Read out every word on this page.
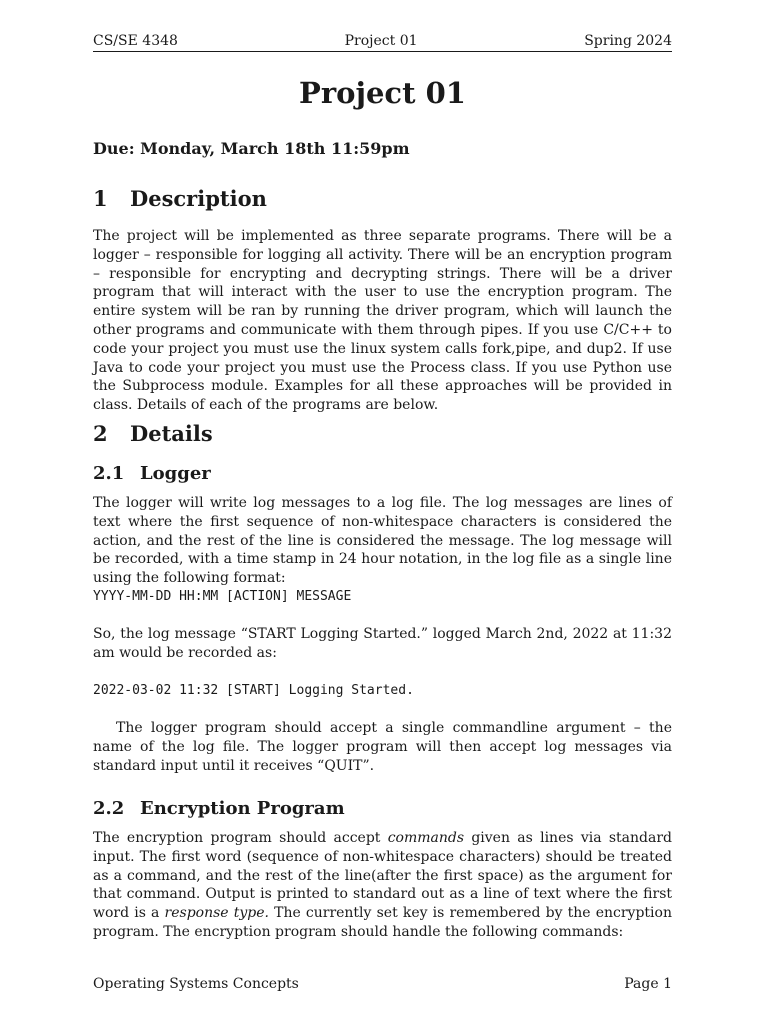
CS/SE 4348	Project 01	Spring 2024
Project 01
Due: Monday, March 18th 11:59pm
1 Description
The project will be implemented as three separate programs. There will be a logger – responsible for logging all activity. There will be an encryption program – responsible for encrypting and decrypting strings. There will be a driver program that will interact with the user to use the encryption program. The entire system will be ran by running the driver program, which will launch the other programs and communicate with them through pipes. If you use C/C++ to code your project you must use the linux system calls fork,pipe, and dup2. If use Java to code your project you must use the Process class. If you use Python use the Subprocess module. Examples for all these approaches will be provided in class. Details of each of the programs are below.
2 Details
2.1 Logger
The logger will write log messages to a log file. The log messages are lines of text where the first sequence of non-whitespace characters is considered the action, and the rest of the line is considered the message. The log message will be recorded, with a time stamp in 24 hour notation, in the log file as a single line using the following format:
YYYY-MM-DD HH:MM [ACTION] MESSAGE
So, the log message “START Logging Started.” logged March 2nd, 2022 at 11:32 am would be recorded as:
2022-03-02 11:32 [START] Logging Started.
The logger program should accept a single commandline argument – the name of the log file. The logger program will then accept log messages via standard input until it receives “QUIT”.
2.2 Encryption Program
The encryption program should accept commands given as lines via standard input. The first word (sequence of non-whitespace characters) should be treated as a command, and the rest of the line(after the first space) as the argument for that command. Output is printed to standard out as a line of text where the first word is a response type. The currently set key is remembered by the encryption program. The encryption program should handle the following commands:
Operating Systems Concepts	Page 1
